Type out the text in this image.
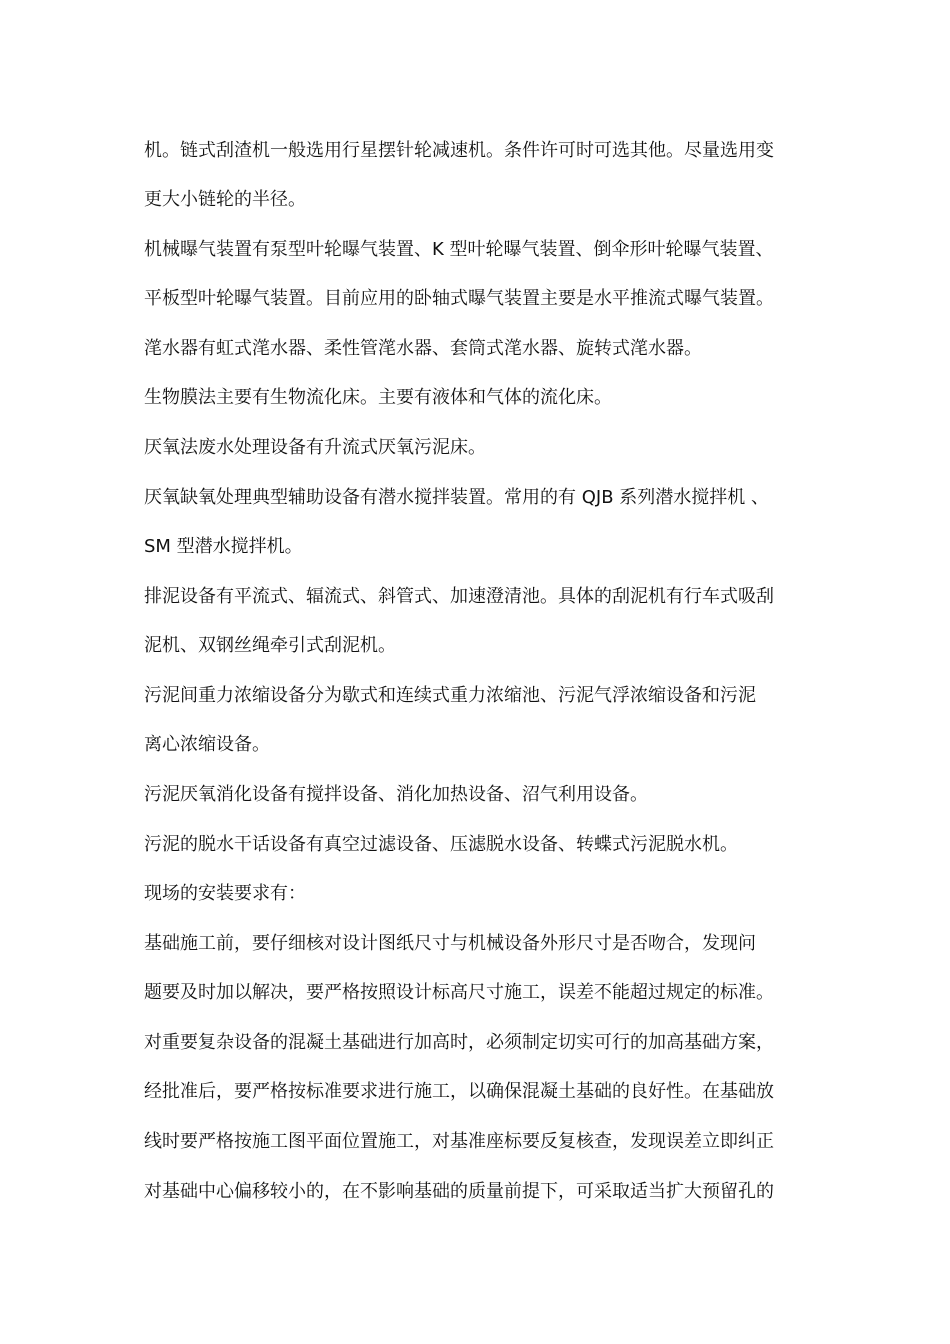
机。链式刮渣机一般选用行星摆针轮减速机。条件许可时可选其他。尽量选用变
更大小链轮的半径。
机械曝气装置有泵型叶轮曝气装置、K 型叶轮曝气装置、倒伞形叶轮曝气装置、
平板型叶轮曝气装置。目前应用的卧轴式曝气装置主要是水平推流式曝气装置。
滗水器有虹式滗水器、柔性管滗水器、套筒式滗水器、旋转式滗水器。
生物膜法主要有生物流化床。主要有液体和气体的流化床。
厌氧法废水处理设备有升流式厌氧污泥床。
厌氧缺氧处理典型辅助设备有潜水搅拌装置。常用的有 QJB 系列潜水搅拌机 、
SM 型潜水搅拌机。
排泥设备有平流式、辐流式、斜管式、加速澄清池。具体的刮泥机有行车式吸刮
泥机、双钢丝绳牵引式刮泥机。
污泥间重力浓缩设备分为歇式和连续式重力浓缩池、污泥气浮浓缩设备和污泥
离心浓缩设备。
污泥厌氧消化设备有搅拌设备、消化加热设备、沼气利用设备。
污泥的脱水干话设备有真空过滤设备、压滤脱水设备、转蝶式污泥脱水机。
现场的安装要求有：
基础施工前，要仔细核对设计图纸尺寸与机械设备外形尺寸是否吻合，发现问
题要及时加以解决，要严格按照设计标高尺寸施工，误差不能超过规定的标准。
对重要复杂设备的混凝土基础进行加高时，必须制定切实可行的加高基础方案，
经批准后，要严格按标准要求进行施工，以确保混凝土基础的良好性。在基础放
线时要严格按施工图平面位置施工，对基准座标要反复核查，发现误差立即纠正
对基础中心偏移较小的，在不影响基础的质量前提下，可采取适当扩大预留孔的
